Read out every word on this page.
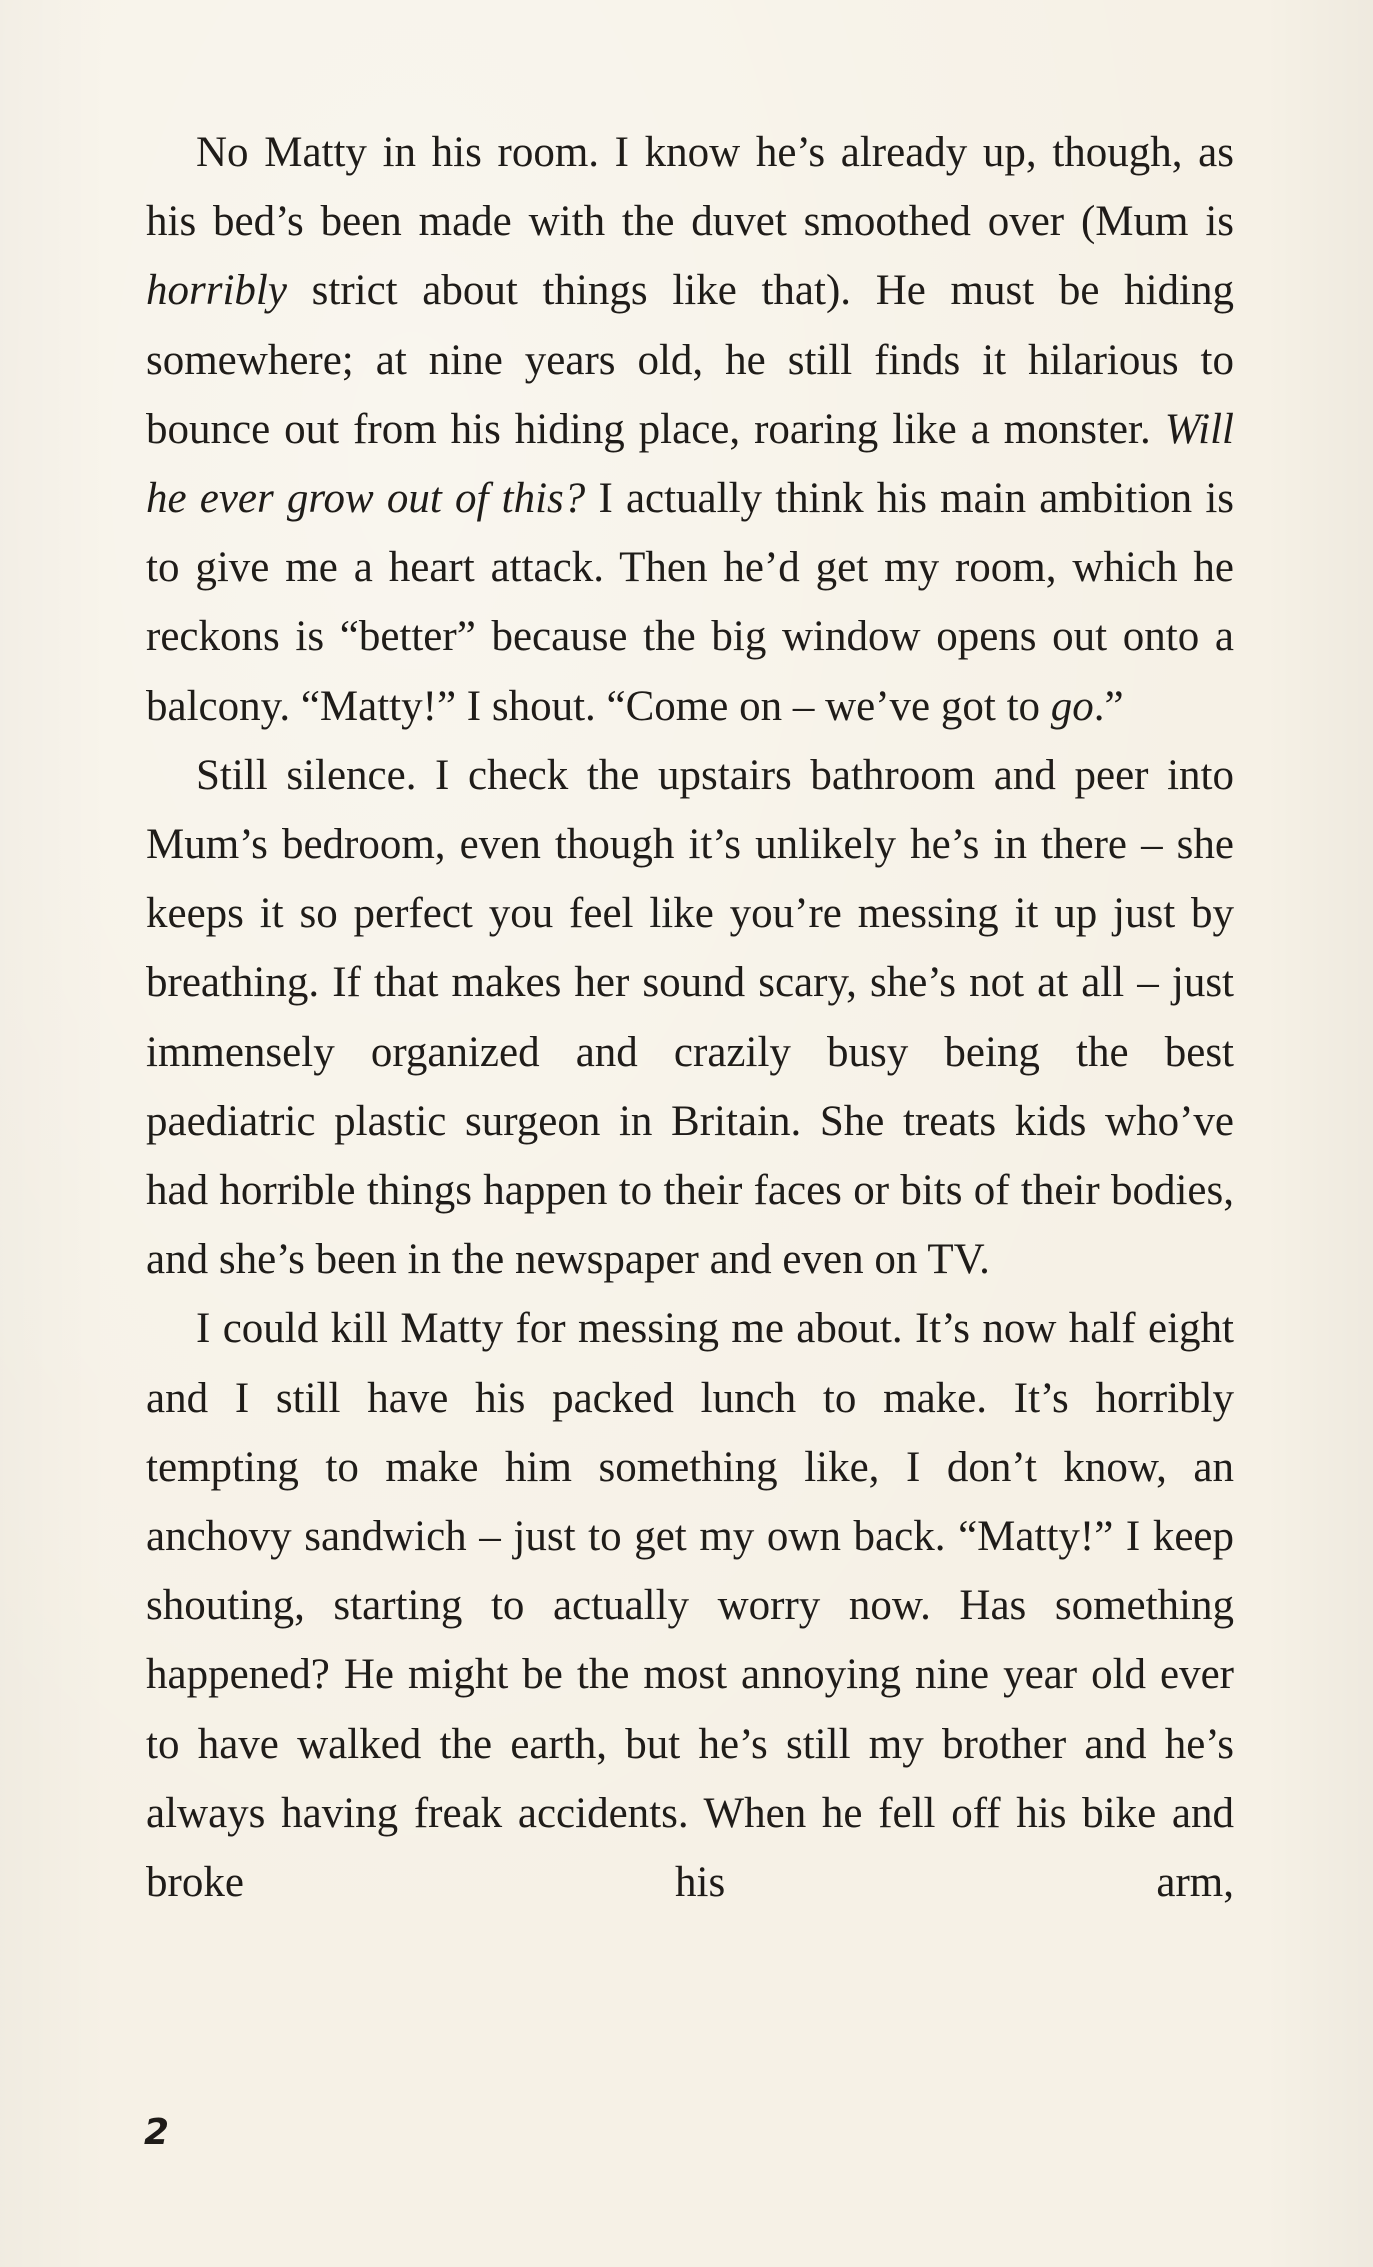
No Matty in his room. I know he’s already up, though, as his bed’s been made with the duvet smoothed over (Mum is horribly strict about things like that). He must be hiding somewhere; at nine years old, he still finds it hilarious to bounce out from his hiding place, roaring like a monster. Will he ever grow out of this? I actually think his main ambition is to give me a heart attack. Then he’d get my room, which he reckons is “better” because the big window opens out onto a balcony. “Matty!” I shout. “Come on – we’ve got to go.”

Still silence. I check the upstairs bathroom and peer into Mum’s bedroom, even though it’s unlikely he’s in there – she keeps it so perfect you feel like you’re messing it up just by breathing. If that makes her sound scary, she’s not at all – just immensely organized and crazily busy being the best paediatric plastic surgeon in Britain. She treats kids who’ve had horrible things happen to their faces or bits of their bodies, and she’s been in the newspaper and even on TV.

I could kill Matty for messing me about. It’s now half eight and I still have his packed lunch to make. It’s horribly tempting to make him something like, I don’t know, an anchovy sandwich – just to get my own back. “Matty!” I keep shouting, starting to actually worry now. Has something happened? He might be the most annoying nine year old ever to have walked the earth, but he’s still my brother and he’s always having freak accidents. When he fell off his bike and broke his arm,

2
